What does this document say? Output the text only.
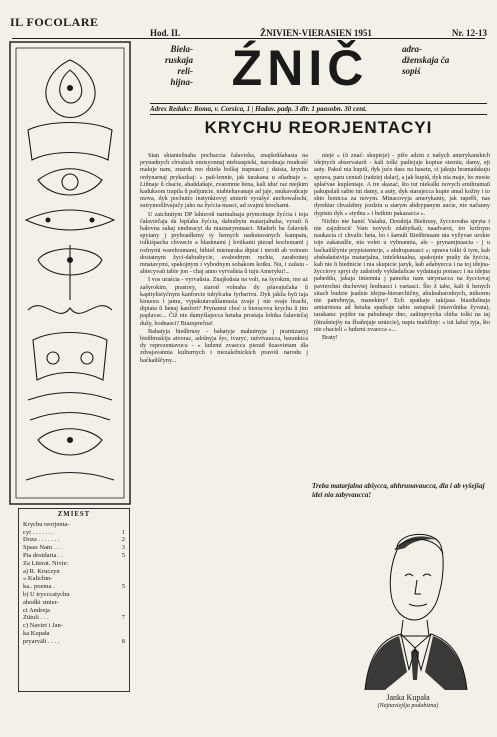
IL FOCOLARE
Hod. II.	ŽNIVIEN-VIERASIEN 1951	Nr. 12-13
Biela-
ruskaja reli-
hijna- ŹNIČ	adra-
dženskaja ča
sopiś
Adres Redakc: Roma, v. Corsica, 1 | Hadav. padp. 3 dlr. 1 paasobn. 30 cent.
KRYCHU REORJENTACYI

Stan shiantežnaha pochaccia čałavieka, znajšoŭšahasia na prynadnych chvalach emisyonnaj niebiaspieki, narodnaja mudraść maluje nam, znarok mo dzieła bolšaj trapnasci j daisia, krychu ordynarnaj prykazkaj: « paŭ-lennie, jak tarakana u aŭadnaje ». Liñnaje ŭ chacie, ahaŭdaŭaje, zvarennie hena, kali iduć raz niejkim kaduksom trapila ŭ paŭjuncie, niabiehavanaje ad jaje, snukavaŭcaje mova, dyk pochutio instynktovyj smierti vyrašyć anchowaĺschi, sutrymoŭlivajučy jaho na žyćcia-masci, ad svajmi krochami.

U zatchnitym DP lahieroŭ narmalnaja prymotnaje žyćcia i toja čałaviečaja da lepšaha žyćcia, dabrabytu matarjalnaha, vyraźi ŭ bałovna sahaj emihracyi da niaznarymnasci. Maderh ba čałaviek spytany j pryhoadlemy iy hemych nadratavanych kampatu, tolkiśpacha chvascie a blasknami j kvitkami pierad kochonami j rožnymi warehounami, hibieš mienuraka dipiat i mroiŭ ab voinom dostatnym žyci-dabrabycie, svabodnym ruchie, zarabotnoj mnatavymi, spakojnym i vyhodnym sobakom kotku. Nu, i zaŭsiu - abiecyvaŭ tabie jon - chaj anno vyrvaŭsia ŭ tuju Ameryku!...

I vos uraścia - vyrvaŭsia. Znajšoŭsia na voli, na šyrokim, mo aż zašyrokim, prastory, siarod volnaha dy pšavajučaha ŭ kapitylistyčnym kanforcie tubylcaha fyrbartvu. Dyk jakža byŭ taja kinuora i jamu, vypakutavaŭšamusia zvaje j nie svaje hrachi, dipiata ŭ henaj kanfort? Prynamsi choć u bieracova krychu ŭ jim paplavac... Čiž nie damyšlajecca hetaha prostaja lohika čałaviečaj dušy, hodnasci? Biazsprečna!

Bahatyja bieŭbrusy - bahatyja mahutnyja j prarnizanyj bieŭbruskija atvorac, adolnyja šyc, tvaryc, raźvivaucca, barankica dy reprezentavuca - « ludzmi zvaecca pierad ŭzasvietam dla zdvajavannia kulturnych i niezaležnickich pravoŭ narodu j baćkaŭščyny...

nieje » (ŭ znać: skupieje) - pišo adzin z našych amerykanskich idejnych abservatarŭ - kali tolki padiejaje kupiue siemiu, damy, eji auty. Pakul nia kupiŭ, dyk juće dasc na hasetu, ci jakuju hramadskuju sprava, paru centaŭ (radziej dalar), a jak kupiŭ, dyk nia maje, bo mosie spłaĉvae kupleniaje. A tre skazać, što tut niekalki novych emihrantaŭ pakupalaŭ sabie tut damy, a auty, dyk starajecca kupie amal kožny i to shto honicca za novym. Minacovyja amerykanty, jak raprěli, nas dyrektar chvalebny jezdziu u starym abdrypanym aucie, nie načanny dypistu dyk « stydna » i betkim pakazacca ».

Nichto nie hanić Vaśahu, Dorahija Bieŭrusy, žycciovaha spryta i nie zajzdrocić Vam novych zdabytkaŭ; naadvarot, tro kožnym naukacia ci chvalic heta, bo i šamuli Bieŭbrusam nia vyžyvae urokie toje zakaradže, nia volni u vybnannia, ale - prynamjnaacia - j u baćkaŭščynie prypisiennoje, « abdrupanasci »; sprava tolki ŭ tym, kab absbałańsivija matarjalna, intelektualna, spakojnie praŭy da žyćcia, kab nie ŭ biednicie i nia skupicie jazyk, kab adabyecca i na toj idejna-žycciovy spryt dy zaŭsiody vykładalicae vydatnaju pomacc i na idejna pabeddu, jakaja imiennia j pamoha nam utrymacca na žycciovaj pavierchni duchoviej hodnasci i vartasci. Što ž tabe, kali ŭ henych sitach budzie jeadzie idejna-hierarchičny, ahulnaharodnych, mikomu nie patrebnyja, manekiny? Ech spatkaje takijasa biazdušnaja amiarnisna ad hetaha spatkaje tabie ustupiaŭ (niavolnika žyvata), tarakana: pojdor na pabuhnaje dno, zaŭtupvycha chiba tolki na taj (ŭtrašniejšy na žbaŭnjaje smiecie), napis mahiliny: « tut lažuć tyja, što nie chacieli « ludzmi zvaecca »...

Braty!

Treba matarjalna abšycca, ahhrunavaucca, dla i ab vyšejšaj idei nia zabyvaucca!
ZMIEST
Krychu reorjenta-
cyi . . . . . . .	1
Doza . . . . . . .	2
Spass Nam . . .	3
Pia desidaria . .	5
Za Literat. Nivie:
a) R. Kruczyn
« Kalichin-
ka.. poema .	5
b) U trycccatychu
ahodki smier-
ci Andreja
Zūtuli . . .	7
c) Naviet i Jan-
ka Kupała
pryarvāli . . . .	8
Janka Kupała
(Najnavieјšja podabizna)
